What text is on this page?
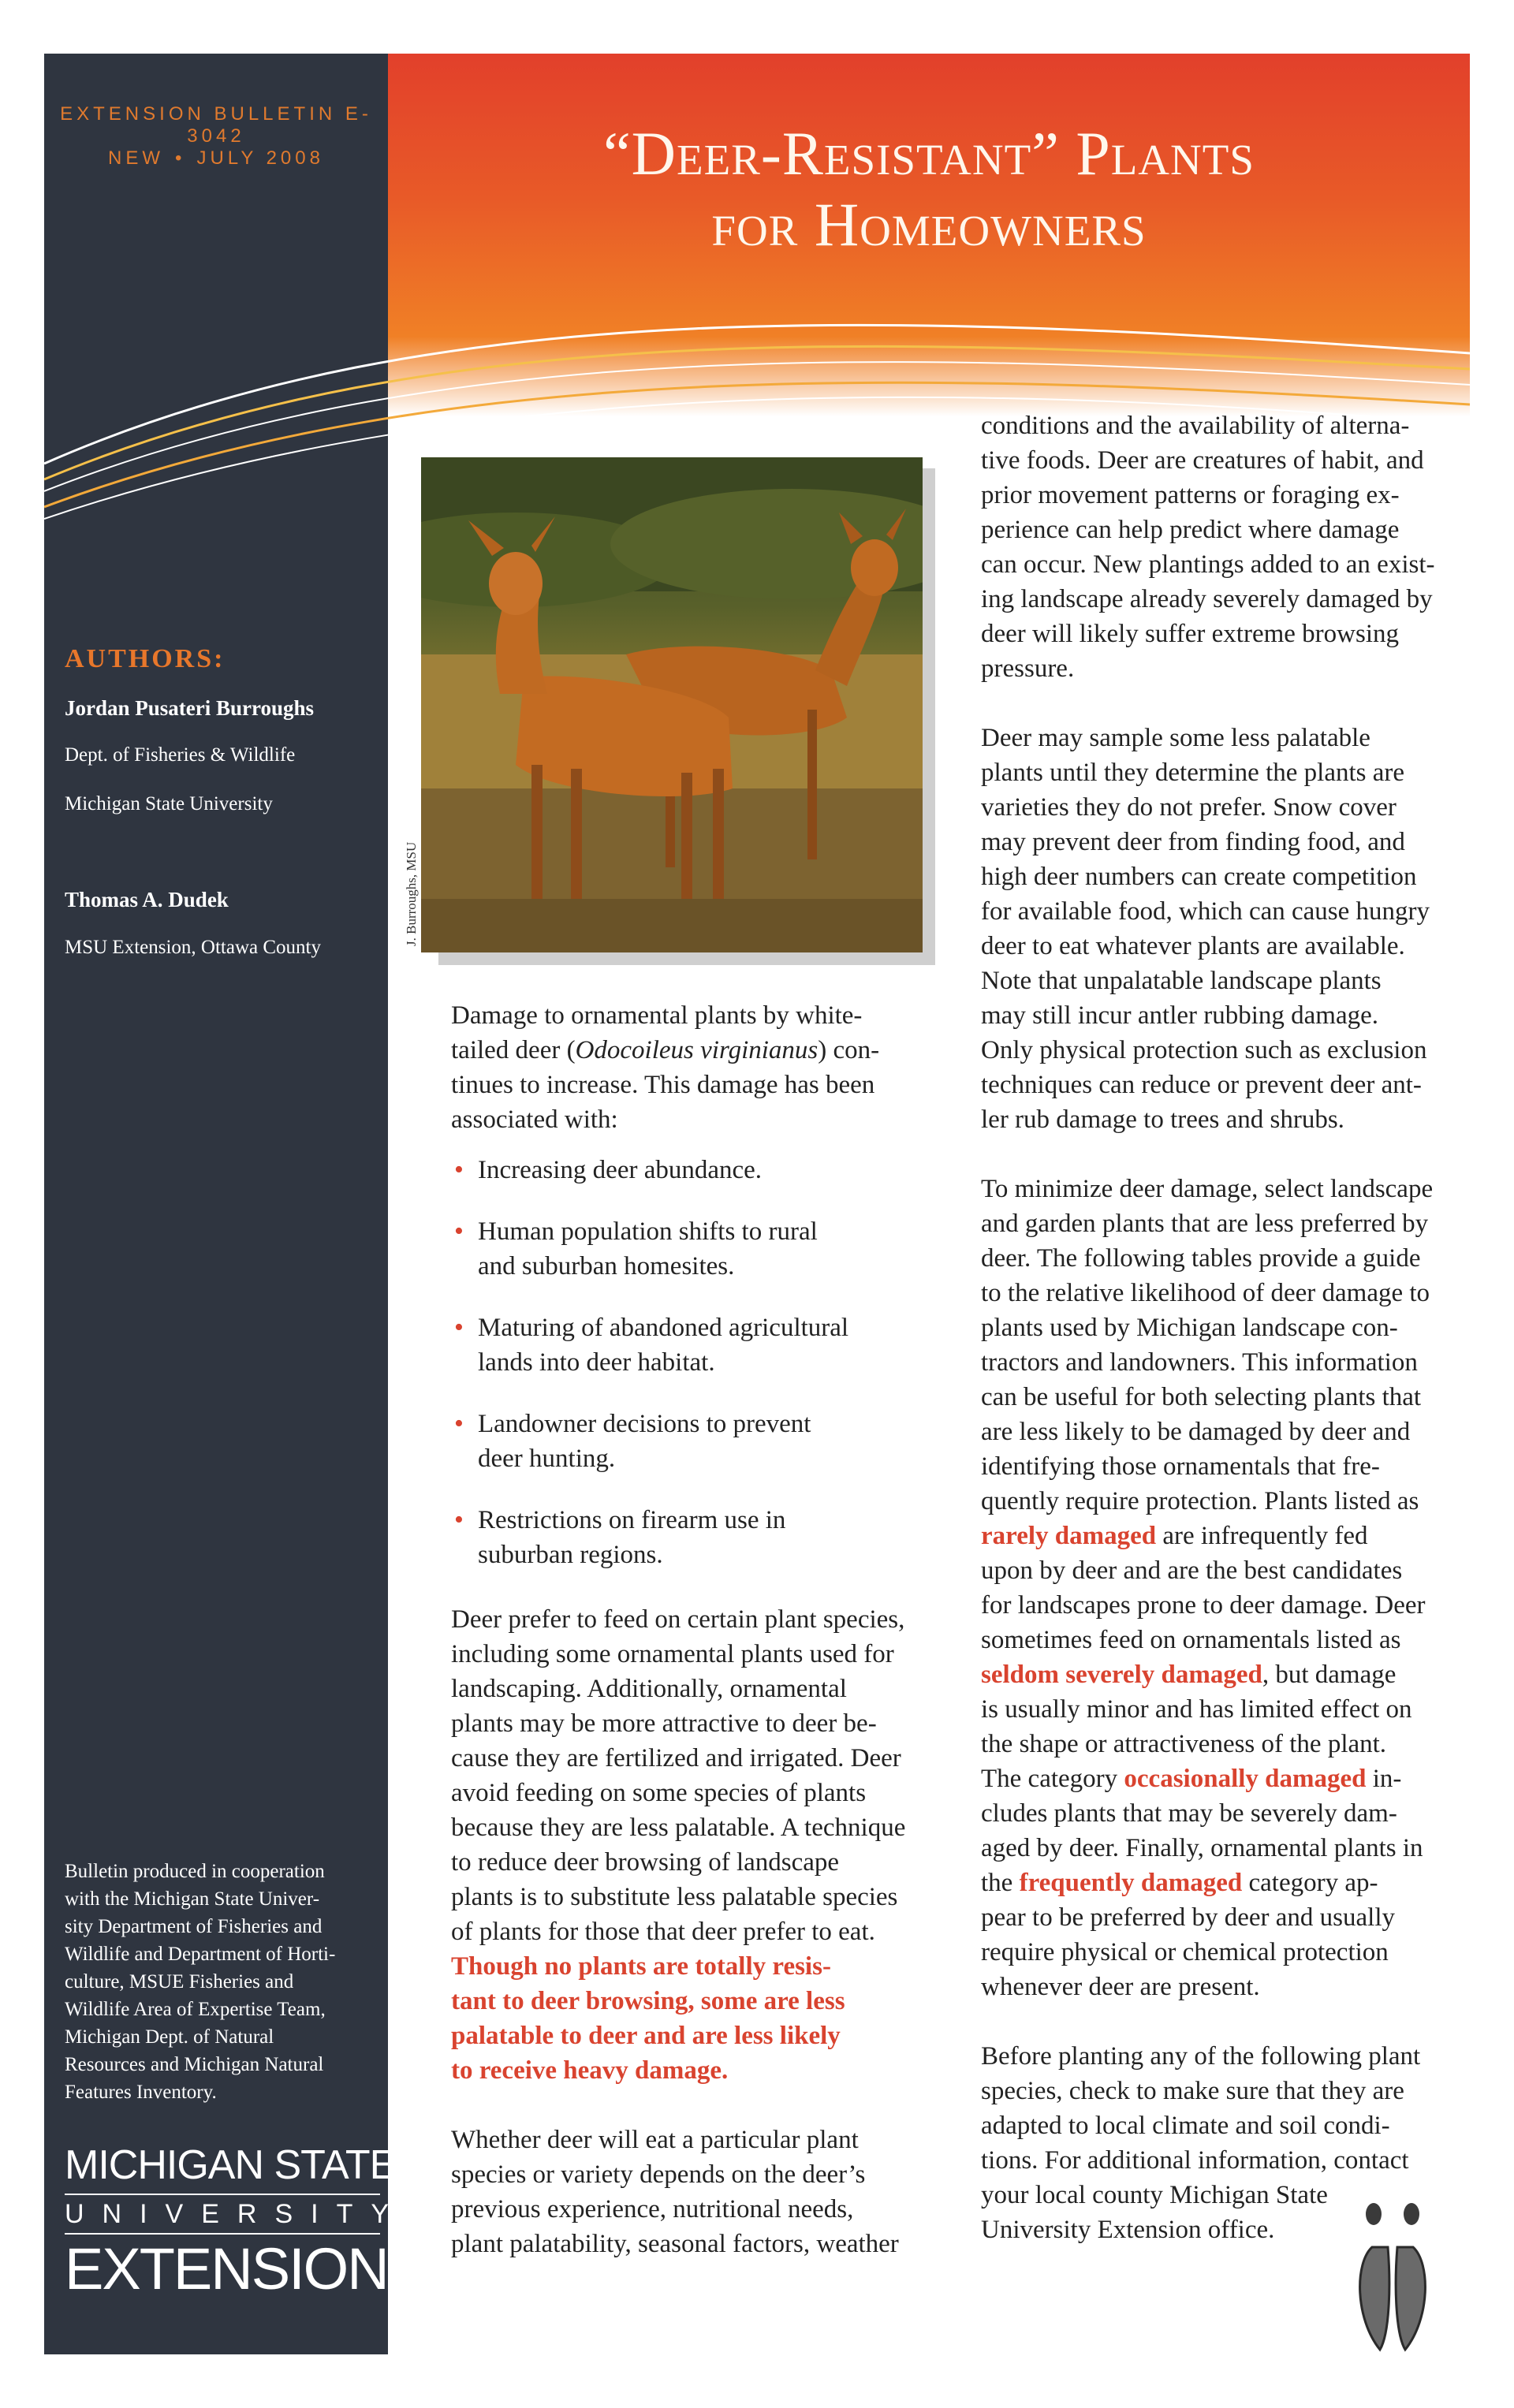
EXTENSION BULLETIN E-3042
NEW • JULY 2008
AUTHORS:
Jordan Pusateri Burroughs
Dept. of Fisheries & Wildlife
Michigan State University
Thomas A. Dudek
MSU Extension, Ottawa County
Bulletin produced in cooperation
with the Michigan State Univer-
sity Department of Fisheries and
Wildlife and Department of Horti-
culture, MSUE Fisheries and
Wildlife Area of Expertise Team,
Michigan Dept. of Natural
Resources and Michigan Natural
Features Inventory.
MICHIGAN STATE
UNIVERSITY
EXTENSION
“Deer-Resistant” Plants
for Homeowners
J. Burroughs, MSU
Damage to ornamental plants by white-
tailed deer (Odocoileus virginianus) con-
tinues to increase. This damage has been
associated with:
• Increasing deer abundance.
• Human population shifts to rural
and suburban homesites.
• Maturing of abandoned agricultural
lands into deer habitat.
• Landowner decisions to prevent
deer hunting.
• Restrictions on firearm use in
suburban regions.
Deer prefer to feed on certain plant species,
including some ornamental plants used for
landscaping. Additionally, ornamental
plants may be more attractive to deer be-
cause they are fertilized and irrigated. Deer
avoid feeding on some species of plants
because they are less palatable. A technique
to reduce deer browsing of landscape
plants is to substitute less palatable species
of plants for those that deer prefer to eat.
Though no plants are totally resis-
tant to deer browsing, some are less
palatable to deer and are less likely
to receive heavy damage.
Whether deer will eat a particular plant
species or variety depends on the deer’s
previous experience, nutritional needs,
plant palatability, seasonal factors, weather
conditions and the availability of alterna-
tive foods. Deer are creatures of habit, and
prior movement patterns or foraging ex-
perience can help predict where damage
can occur. New plantings added to an exist-
ing landscape already severely damaged by
deer will likely suffer extreme browsing
pressure.
Deer may sample some less palatable
plants until they determine the plants are
varieties they do not prefer. Snow cover
may prevent deer from finding food, and
high deer numbers can create competition
for available food, which can cause hungry
deer to eat whatever plants are available.
Note that unpalatable landscape plants
may still incur antler rubbing damage.
Only physical protection such as exclusion
techniques can reduce or prevent deer ant-
ler rub damage to trees and shrubs.
To minimize deer damage, select landscape
and garden plants that are less preferred by
deer. The following tables provide a guide
to the relative likelihood of deer damage to
plants used by Michigan landscape con-
tractors and landowners. This information
can be useful for both selecting plants that
are less likely to be damaged by deer and
identifying those ornamentals that fre-
quently require protection. Plants listed as
rarely damaged are infrequently fed
upon by deer and are the best candidates
for landscapes prone to deer damage. Deer
sometimes feed on ornamentals listed as
seldom severely damaged, but damage
is usually minor and has limited effect on
the shape or attractiveness of the plant.
The category occasionally damaged in-
cludes plants that may be severely dam-
aged by deer. Finally, ornamental plants in
the frequently damaged category ap-
pear to be preferred by deer and usually
require physical or chemical protection
whenever deer are present.
Before planting any of the following plant
species, check to make sure that they are
adapted to local climate and soil condi-
tions. For additional information, contact
your local county Michigan State
University Extension office.
